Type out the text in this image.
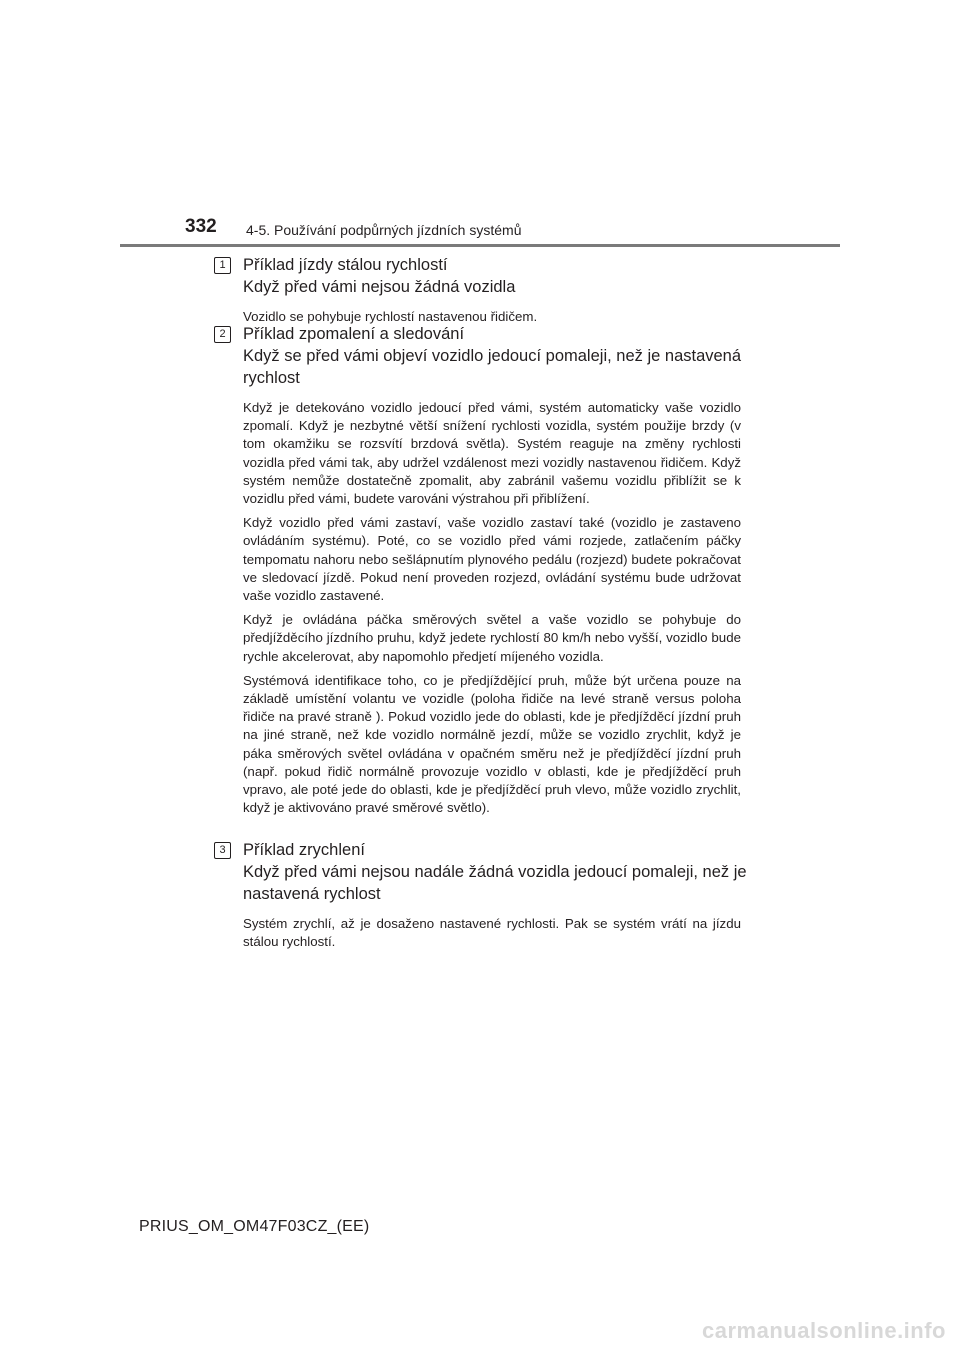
332 4-5. Používání podpůrných jízdních systémů
1	Příklad jízdy stálou rychlostí
Když před vámi nejsou žádná vozidla
Vozidlo se pohybuje rychlostí nastavenou řidičem.
2	Příklad zpomalení a sledování
Když se před vámi objeví vozidlo jedoucí pomaleji, než je nastavená rychlost
Když je detekováno vozidlo jedoucí před vámi, systém automaticky vaše vozidlo zpomalí. Když je nezbytné větší snížení rychlosti vozidla, systém použije brzdy (v tom okamžiku se rozsvítí brzdová světla). Systém reaguje na změny rychlosti vozidla před vámi tak, aby udržel vzdálenost mezi vozidly nastavenou řidičem. Když systém nemůže dostatečně zpomalit, aby zabránil vašemu vozidlu přiblížit se k vozidlu před vámi, budete varováni výstrahou při přiblížení.
Když vozidlo před vámi zastaví, vaše vozidlo zastaví také (vozidlo je zastaveno ovládáním systému). Poté, co se vozidlo před vámi rozjede, zatlačením páčky tempomatu nahoru nebo sešlápnutím plynového pedálu (rozjezd) budete pokračovat ve sledovací jízdě. Pokud není proveden rozjezd, ovládání systému bude udržovat vaše vozidlo zastavené.
Když je ovládána páčka směrových světel a vaše vozidlo se pohybuje do předjížděcího jízdního pruhu, když jedete rychlostí 80 km/h nebo vyšší, vozidlo bude rychle akcelerovat, aby napomohlo předjetí míjeného vozidla.
Systémová identifikace toho, co je předjíždějící pruh, může být určena pouze na základě umístění volantu ve vozidle (poloha řidiče na levé straně versus poloha řidiče na pravé straně ). Pokud vozidlo jede do oblasti, kde je předjížděcí jízdní pruh na jiné straně, než kde vozidlo normálně jezdí, může se vozidlo zrychlit, když je páka směrových světel ovládána v opačném směru než je předjížděcí jízdní pruh (např. pokud řidič normálně provozuje vozidlo v oblasti, kde je předjížděcí pruh vpravo, ale poté jede do oblasti, kde je předjížděcí pruh vlevo, může vozidlo zrychlit, když je aktivováno pravé směrové světlo).
3	Příklad zrychlení
Když před vámi nejsou nadále žádná vozidla jedoucí pomaleji, než je nastavená rychlost
Systém zrychlí, až je dosaženo nastavené rychlosti. Pak se systém vrátí na jízdu stálou rychlostí.
PRIUS_OM_OM47F03CZ_(EE)
carmanualsonline.info
